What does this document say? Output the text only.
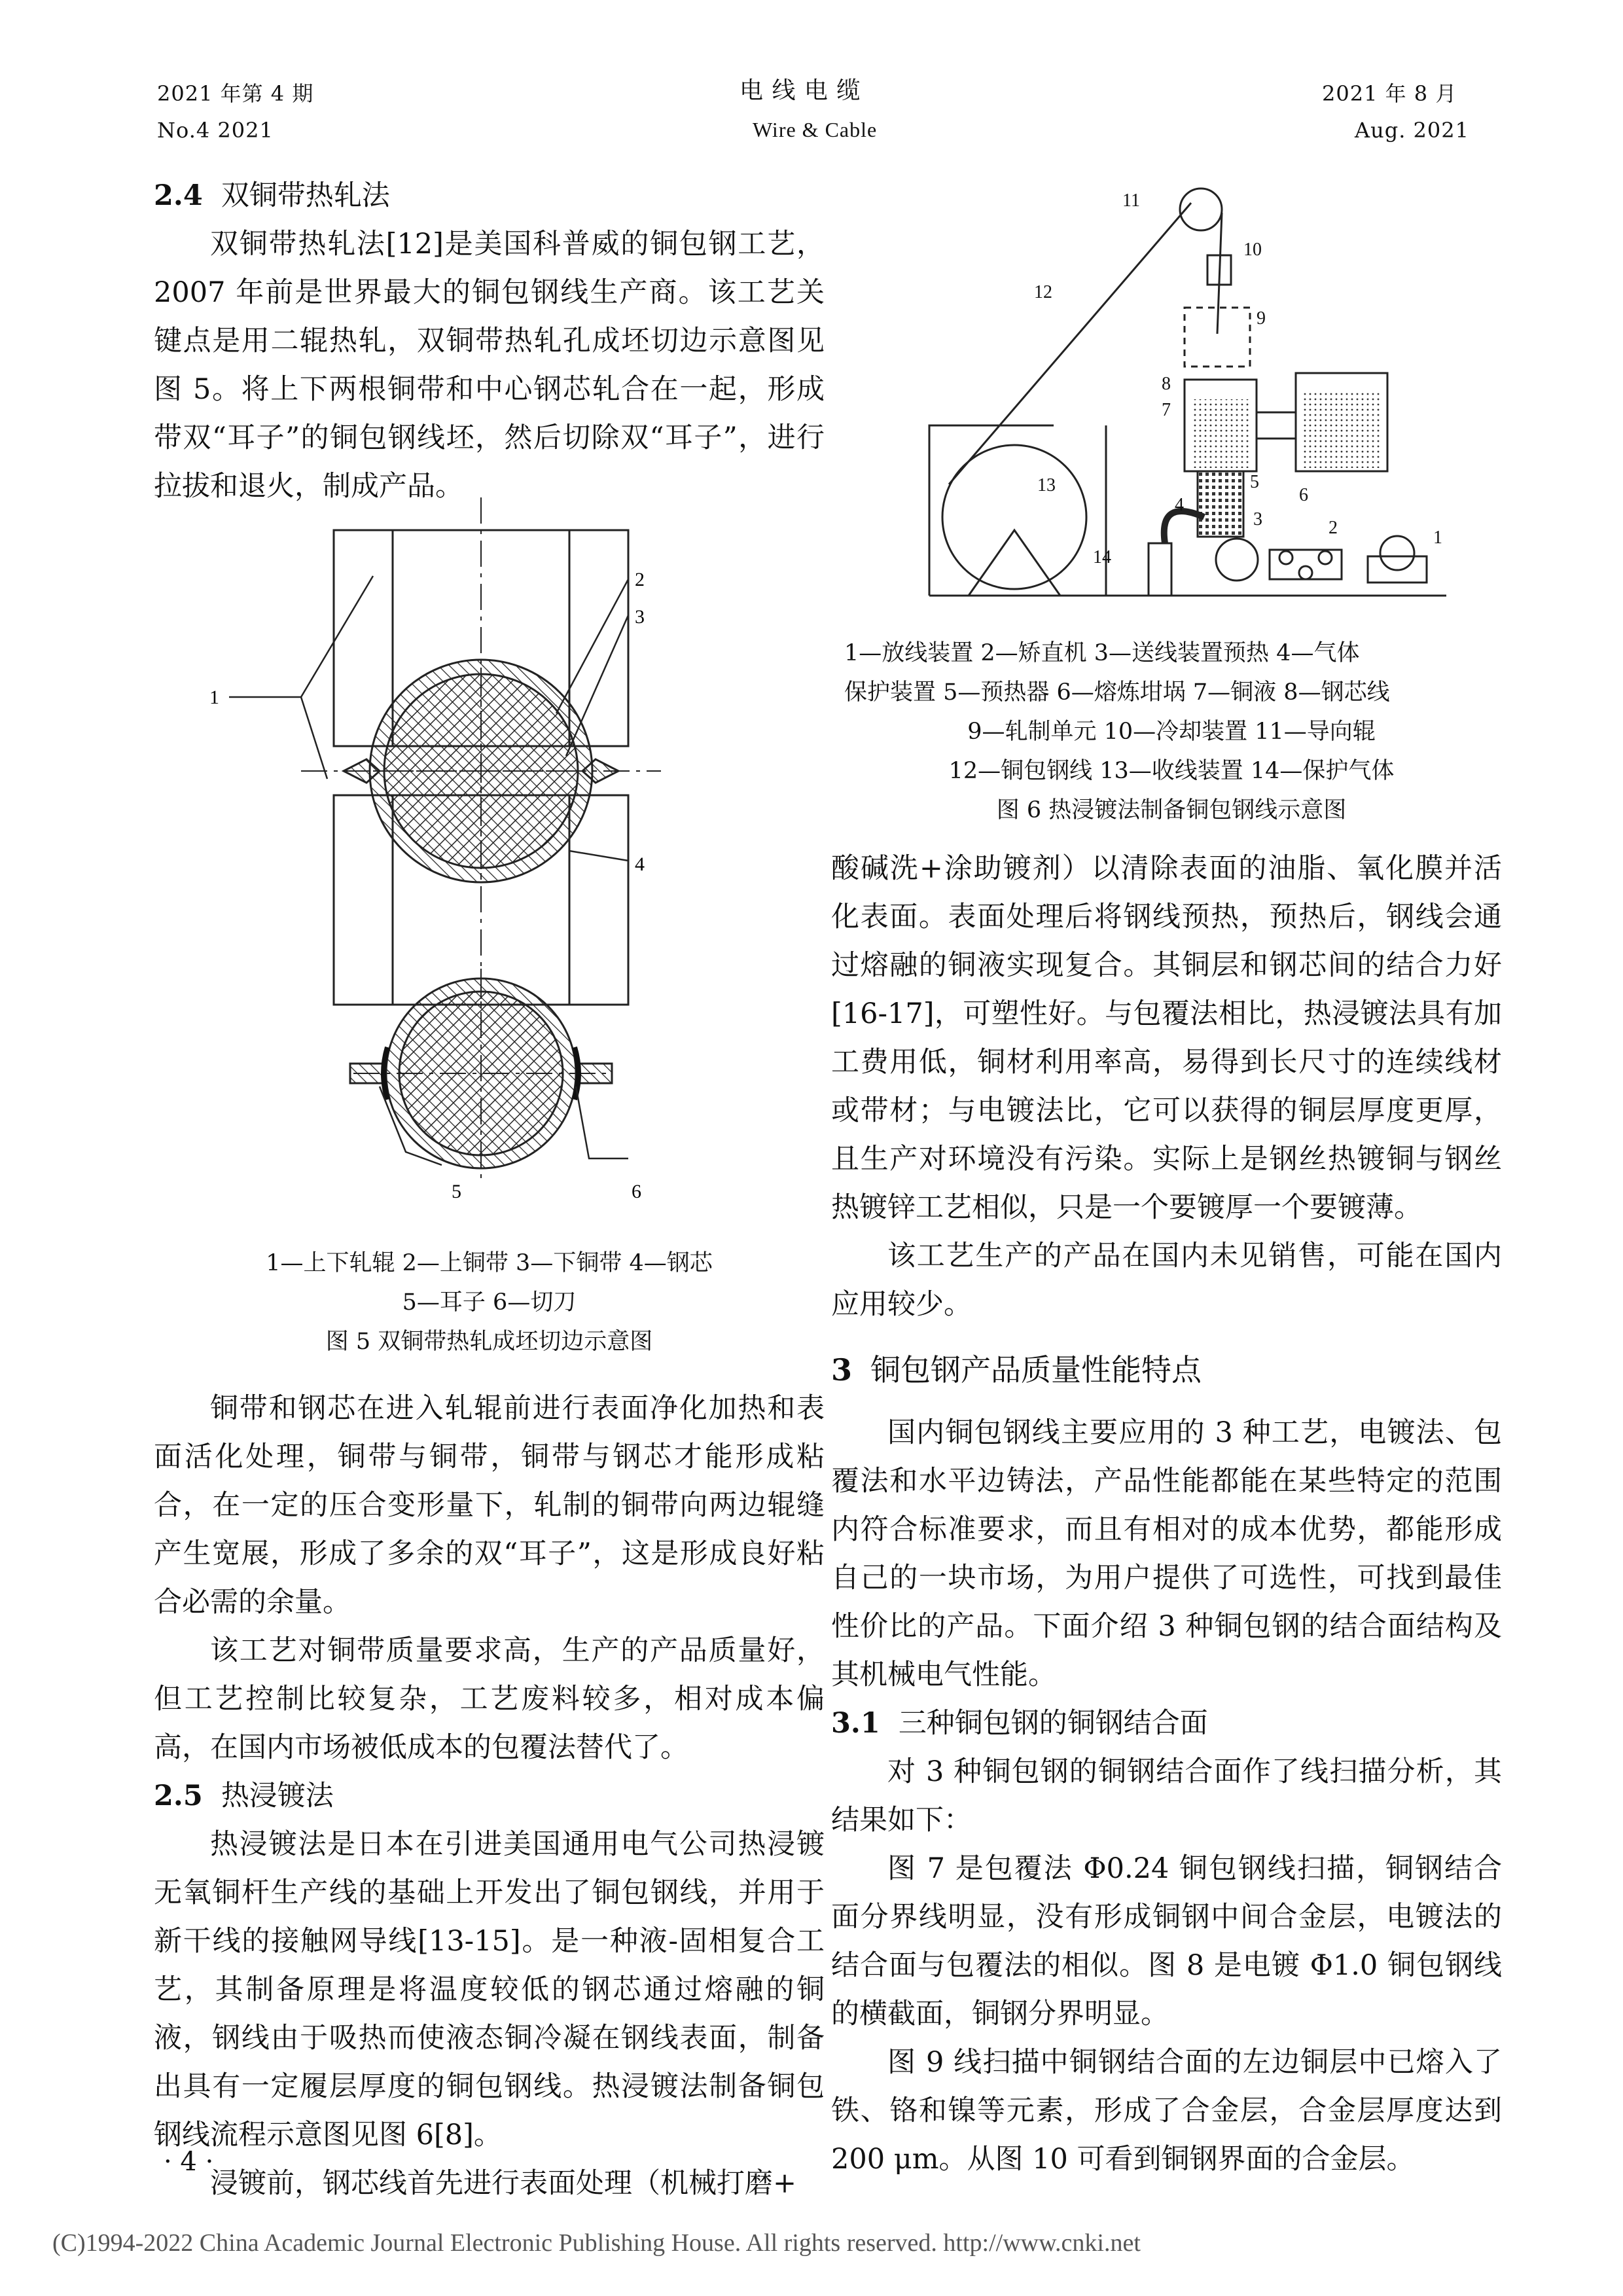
2021 年第 4 期
No.4 2021
电 线 电 缆
Wire & Cable
2021 年 8 月
Aug. 2021
2.4 双铜带热轧法

双铜带热轧法[12]是美国科普威的铜包钢工艺，2007 年前是世界最大的铜包钢线生产商。该工艺关键点是用二辊热轧，双铜带热轧孔成坯切边示意图见图 5。将上下两根铜带和中心钢芯轧合在一起，形成带双“耳子”的铜包钢线坯，然后切除双“耳子”，进行拉拔和退火，制成产品。

1
2
3
4
5	6
1—上下轧辊 2—上铜带 3—下铜带 4—钢芯
5—耳子 6—切刀
图 5 双铜带热轧成坯切边示意图

铜带和钢芯在进入轧辊前进行表面净化加热和表面活化处理，铜带与铜带，铜带与钢芯才能形成粘合，在一定的压合变形量下，轧制的铜带向两边辊缝产生宽展，形成了多余的双“耳子”，这是形成良好粘合必需的余量。

该工艺对铜带质量要求高，生产的产品质量好，但工艺控制比较复杂，工艺废料较多，相对成本偏高，在国内市场被低成本的包覆法替代了。

2.5 热浸镀法

热浸镀法是日本在引进美国通用电气公司热浸镀无氧铜杆生产线的基础上开发出了铜包钢线，并用于新干线的接触网导线[13-15]。是一种液-固相复合工艺，其制备原理是将温度较低的钢芯通过熔融的铜液，钢线由于吸热而使液态铜冷凝在钢线表面，制备出具有一定履层厚度的铜包钢线。热浸镀法制备铜包钢线流程示意图见图 6[8]。

浸镀前，钢芯线首先进行表面处理（机械打磨+

· 4 ·
1
2
3
4
5
6
7
8
9
10
11
12
13
14
1—放线装置 2—矫直机 3—送线装置预热 4—气体
保护装置 5—预热器 6—熔炼坩埚 7—铜液 8—钢芯线
9—轧制单元 10—冷却装置 11—导向辊
12—铜包钢线 13—收线装置 14—保护气体
图 6 热浸镀法制备铜包钢线示意图

酸碱洗+涂助镀剂）以清除表面的油脂、氧化膜并活化表面。表面处理后将钢线预热，预热后，钢线会通过熔融的铜液实现复合。其铜层和钢芯间的结合力好[16-17]，可塑性好。与包覆法相比，热浸镀法具有加工费用低，铜材利用率高，易得到长尺寸的连续线材或带材；与电镀法比，它可以获得的铜层厚度更厚，且生产对环境没有污染。实际上是钢丝热镀铜与钢丝热镀锌工艺相似，只是一个要镀厚一个要镀薄。

该工艺生产的产品在国内未见销售，可能在国内应用较少。

3 铜包钢产品质量性能特点

国内铜包钢线主要应用的 3 种工艺，电镀法、包覆法和水平边铸法，产品性能都能在某些特定的范围内符合标准要求，而且有相对的成本优势，都能形成自己的一块市场，为用户提供了可选性，可找到最佳性价比的产品。下面介绍 3 种铜包钢的结合面结构及其机械电气性能。

3.1 三种铜包钢的铜钢结合面

对 3 种铜包钢的铜钢结合面作了线扫描分析，其结果如下：

图 7 是包覆法 Φ0.24 铜包钢线扫描，铜钢结合面分界线明显，没有形成铜钢中间合金层，电镀法的结合面与包覆法的相似。图 8 是电镀 Φ1.0 铜包钢线的横截面，铜钢分界明显。

图 9 线扫描中铜钢结合面的左边铜层中已熔入了铁、铬和镍等元素，形成了合金层，合金层厚度达到 200 μm。从图 10 可看到铜钢界面的合金层。

(C)1994-2022 China Academic Journal Electronic Publishing House. All rights reserved. http://www.cnki.net
